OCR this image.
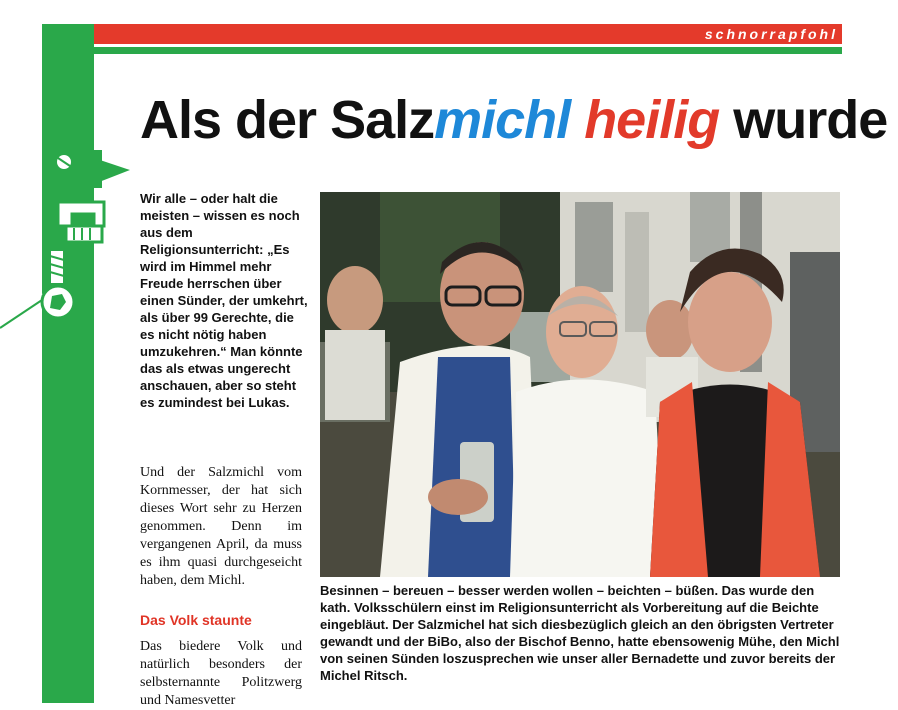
schnorrapfohl
Als der Salzmichl heilig wurde

Wir alle – oder halt die meisten – wissen es noch aus dem Religionsunterricht: „Es wird im Himmel mehr Freude herrschen über einen Sünder, der umkehrt, als über 99 Gerechte, die es nicht nötig haben umzukehren.“ Man könnte das als etwas ungerecht anschauen, aber so steht es zumindest bei Lukas.

Und der Salzmichl vom Kornmesser, der hat sich dieses Wort sehr zu Herzen genommen. Denn im vergangenen April, da muss es ihm quasi durchgeseicht haben, dem Michl.

Das Volk staunte

Das biedere Volk und natürlich besonders der selbsternannte Politzwerg und Namesvetter

Besinnen – bereuen – besser werden wollen – beichten – büßen. Das wurde den kath. Volksschülern einst im Religionsunterricht als Vorbereitung auf die Beichte eingebläut. Der Salzmichel hat sich diesbezüglich gleich an den öbrigsten Vertreter gewandt und der BiBo, also der Bischof Benno, hatte ebensowenig Mühe, den Michl von seinen Sünden loszusprechen wie unser aller Bernadette und zuvor bereits der Michel Ritsch.
